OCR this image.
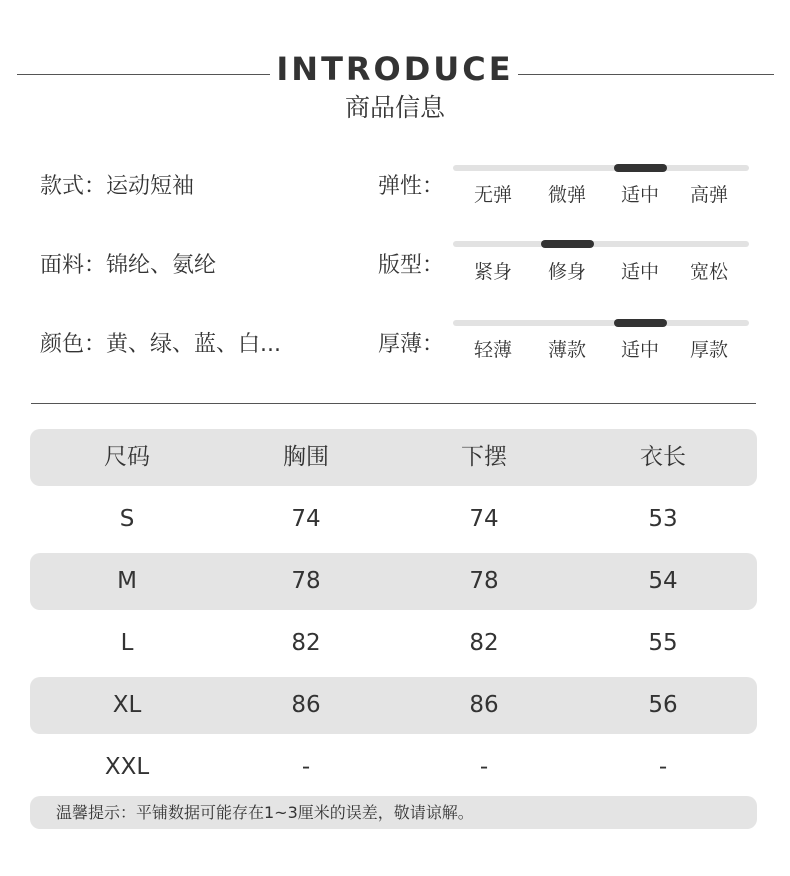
INTRODUCE
商品信息
款式：运动短袖
面料：锦纶、氨纶
颜色：黄、绿、蓝、白...
弹性： 无弹 微弹 适中 高弹
版型： 紧身 修身 适中 宽松
厚薄： 轻薄 薄款 适中 厚款
尺码	胸围	下摆	衣长
S	74	74	53
M	78	78	54
L	82	82	55
XL	86	86	56
XXL	-	-	-
温馨提示：平铺数据可能存在1~3厘米的误差，敬请谅解。
